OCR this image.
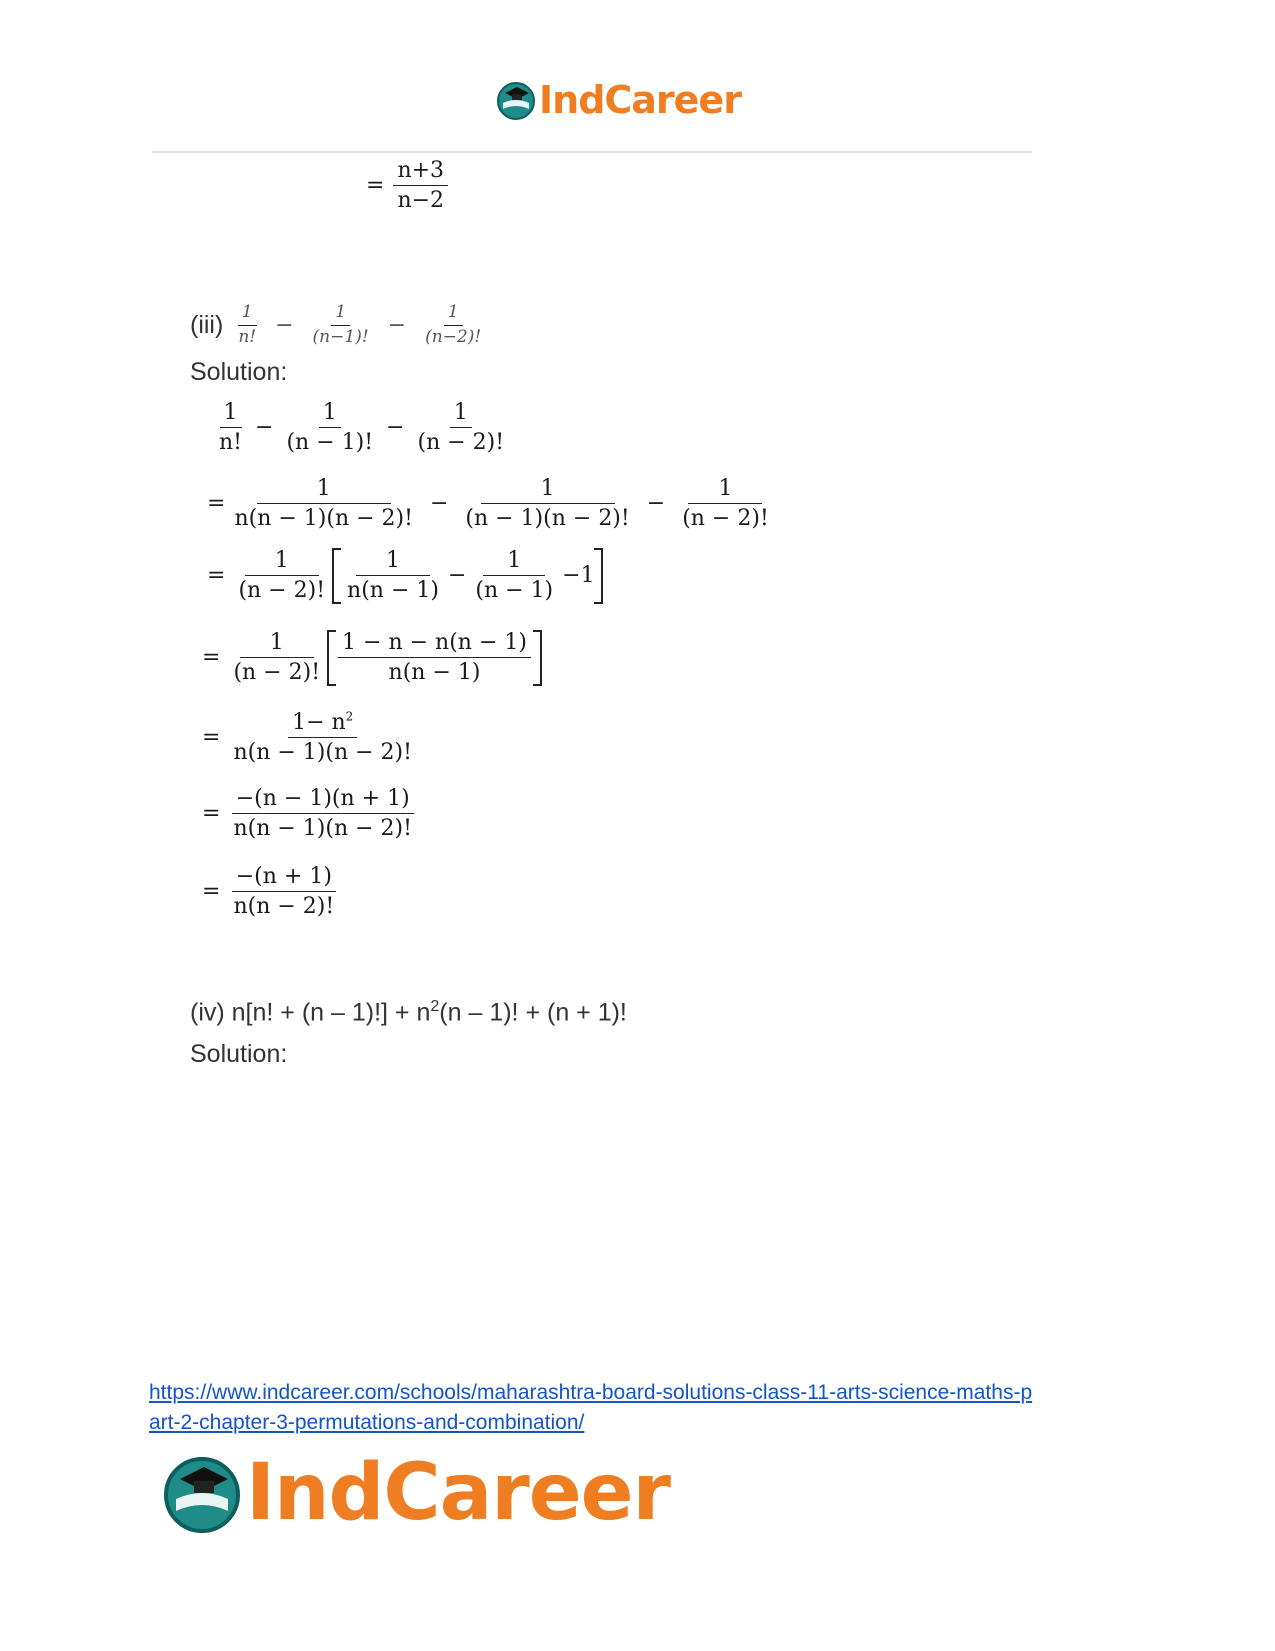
IndCareer
= $\frac{n+3}{n-2}$
$(iii) \frac{1}{n!} - \frac{1}{(n-1)!} - \frac{1}{(n-2)!}$
Solution:
$\frac{1}{n!} - \frac{1}{(n - 1)!} - \frac{1}{(n - 2)!}$
= $\frac{1}{n(n - 1)(n - 2)!} - \frac{1}{(n - 1)(n - 2)!} - \frac{1}{(n - 2)!}$
= $\frac{1}{(n - 2)!} \frac{1}{n(n - 1)} - \frac{1}{(n - 1)} -1$
= $\frac{1}{(n - 2)!} \frac{1 - n - n(n - 1)}{n(n - 1)}$
= $\frac{1- n^2}{n(n - 1)(n - 2)!}$
= $\frac{-(n - 1)(n + 1)}{n(n - 1)(n - 2)!}$
= $\frac{-(n + 1)}{n(n - 2)!}$
(iv) n[n! + $(n - 1)!] + n^2(n - 1)$! + (n + 1)!
Solution:
https://www.indcareer.com/schools/maharashtra-board-solutions-class-11-arts-science-maths-p
art-2-chapter-3-permutations-and-combination/
IndCareer
